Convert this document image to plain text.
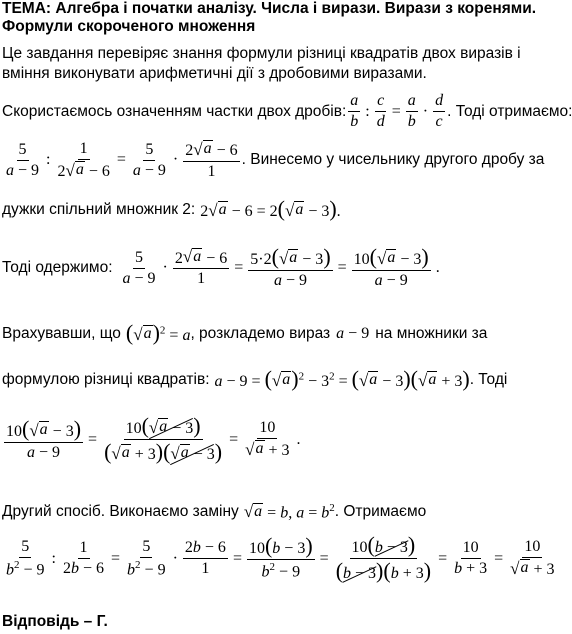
ТЕМА: Алгебра і початки аналізу. Числа і вирази. Вирази з коренями. Формули скороченого множення
Це завдання перевіряє знання формули різниці квадратів двох виразів і вміння виконувати арифметичні дії з дробовими виразами.
Скористаємось означенням частки двох дробів: $\frac{a}{b}$ : $\frac{c}{d} = \frac{a}{b} \cdot \frac{d}{c}$ . Тоді отримаємо:
$\frac{5}{a - 9}$ : $\frac{1}{2 √ a - 6} = \frac{5}{a - 9} \cdot \frac{2 √ a - 6}{1}$ . Винесемо у чисельнику другого дробу за
дужки спільний множник 2: 2 √ a − 6 = 2( √ a − 3).
Тоді одержимо: $\frac{5}{a - 9} \cdot \frac{2 √ a - 6}{1} = \frac{5\cdot 2( √ a - 3)}{a - 9} = \frac{10( √ a - 3)}{a - 9}$ .
Врахувавши, що ( √ a )$^2$ = a , розкладемо вираз a − 9 на множники за
формулою різниці квадратів: a − 9 = ( √ a )$^2 - 3^2$ = ( √ a − 3)( √ a + 3) . Тоді
$\frac{10( √ a - 3)}{a - 9} = \frac{10( √ a - 3)}{( √ a + 3)( √ a - 3)} = \frac{10}{√ a + 3}$ .
Другий спосіб. Виконаємо заміну √ a = b, $a = b^2$ . Отримаємо
$\frac{5}{b^2 - 9}$ : $\frac{1}{2b - 6} = \frac{5}{b^2 - 9} \cdot \frac{2b - 6}{1} = \frac{10(b - 3)}{b^2 - 9} = \frac{10(b - 3)}{(b - 3)(b + 3)} = \frac{10}{b + 3} = \frac{10}{√ a + 3}$
Відповідь – Г.
